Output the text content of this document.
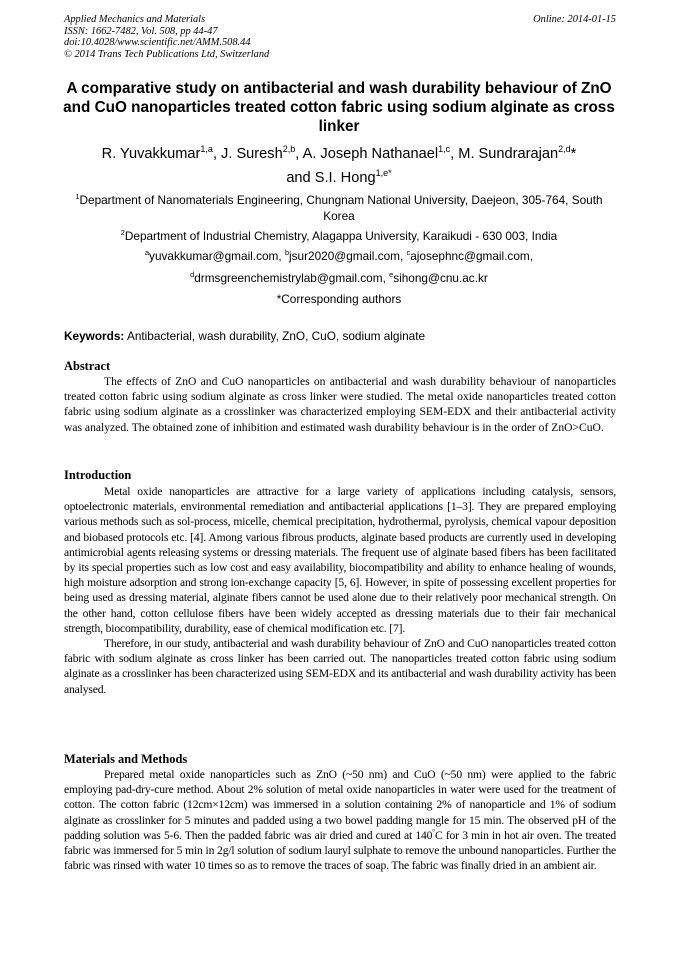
Applied Mechanics and Materials
ISSN: 1662-7482, Vol. 508, pp 44-47
doi:10.4028/www.scientific.net/AMM.508.44
© 2014 Trans Tech Publications Ltd, Switzerland
Online: 2014-01-15
A comparative study on antibacterial and wash durability behaviour of ZnO and CuO nanoparticles treated cotton fabric using sodium alginate as cross linker
R. Yuvakkumar$^{1,a}$, J. Suresh$^{2,b}$, A. Joseph Nathanael$^{1,c}$, M. Sundrarajan$^{2,d}$*
and S.I. Hong$^{1,e*}$
$^1$Department of Nanomaterials Engineering, Chungnam National University, Daejeon, 305-764, South Korea
$^2$Department of Industrial Chemistry, Alagappa University, Karaikudi - 630 003, India
$^a$yuvakkumar@gmail.com, $^b$jsur2020@gmail.com, $^c$ajosephnc@gmail.com,
$^d$drmsgreenchemistrylab@gmail.com, $^e$sihong@cnu.ac.kr
*Corresponding authors
Keywords: Antibacterial, wash durability, ZnO, CuO, sodium alginate
Abstract

The effects of ZnO and CuO nanoparticles on antibacterial and wash durability behaviour of nanoparticles treated cotton fabric using sodium alginate as cross linker were studied. The metal oxide nanoparticles treated cotton fabric using sodium alginate as a crosslinker was characterized employing SEM-EDX and their antibacterial activity was analyzed. The obtained zone of inhibition and estimated wash durability behaviour is in the order of ZnO>CuO.

Introduction

Metal oxide nanoparticles are attractive for a large variety of applications including catalysis, sensors, optoelectronic materials, environmental remediation and antibacterial applications [1–3]. They are prepared employing various methods such as sol-process, micelle, chemical precipitation, hydrothermal, pyrolysis, chemical vapour deposition and biobased protocols etc. [4]. Among various fibrous products, alginate based products are currently used in developing antimicrobial agents releasing systems or dressing materials. The frequent use of alginate based fibers has been facilitated by its special properties such as low cost and easy availability, biocompatibility and ability to enhance healing of wounds, high moisture adsorption and strong ion-exchange capacity [5, 6]. However, in spite of possessing excellent properties for being used as dressing material, alginate fibers cannot be used alone due to their relatively poor mechanical strength. On the other hand, cotton cellulose fibers have been widely accepted as dressing materials due to their fair mechanical strength, biocompatibility, durability, ease of chemical modification etc. [7].

Therefore, in our study, antibacterial and wash durability behaviour of ZnO and CuO nanoparticles treated cotton fabric with sodium alginate as cross linker has been carried out. The nanoparticles treated cotton fabric using sodium alginate as a crosslinker has been characterized using SEM-EDX and its antibacterial and wash durability activity has been analysed.

Materials and Methods

Prepared metal oxide nanoparticles such as ZnO (~50 nm) and CuO (~50 nm) were applied to the fabric employing pad-dry-cure method. About 2% solution of metal oxide nanoparticles in water were used for the treatment of cotton. The cotton fabric (12cm×12cm) was immersed in a solution containing 2% of nanoparticle and 1% of sodium alginate as crosslinker for 5 minutes and padded using a two bowel padding mangle for 15 min. The observed pH of the padding solution was 5-6. Then the padded fabric was air dried and cured at 140°C for 3 min in hot air oven. The treated fabric was immersed for 5 min in 2g/l solution of sodium lauryl sulphate to remove the unbound nanoparticles. Further the fabric was rinsed with water 10 times so as to remove the traces of soap. The fabric was finally dried in an ambient air.
